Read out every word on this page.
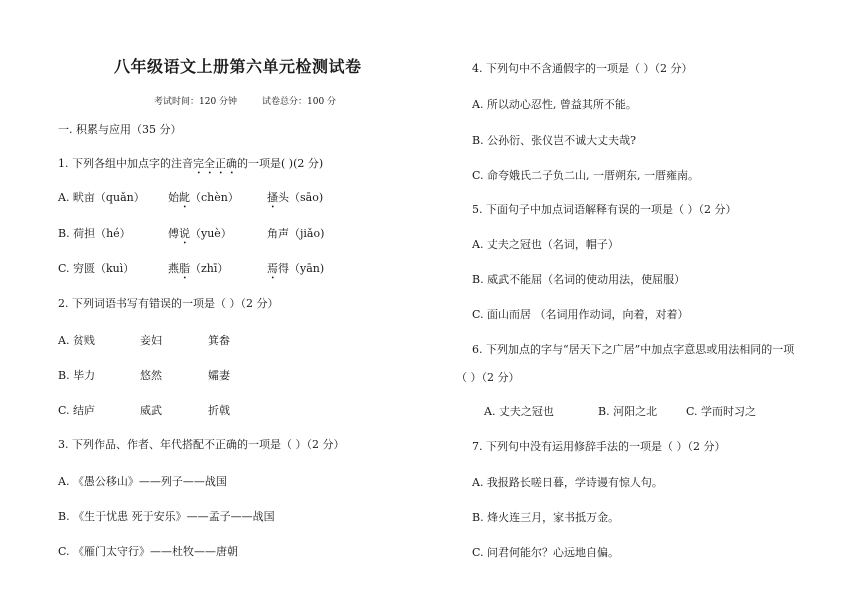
八年级语文上册第六单元检测试卷
考试时间：120 分钟	试卷总分：100 分
一. 积累与应用（35 分）
1. 下列各组中加点字的注音完全正确的一项是( )(2 分)
A. 畎亩（quǎn） 始龀（chèn）	搔头（sāo)
B. 荷担（hé）	傅说（yuè）	角声（jiǎo)
C. 穷匮（kuì）	燕脂（zhī）	焉得（yān)
2. 下列词语书写有错误的一项是（ ）（2 分）
A. 贫贱	妾妇	箕畚
B. 毕力	悠然	孀妻
C. 结庐	威武	折戟
3. 下列作品、作者、年代搭配不正确的一项是（ ）（2 分）
A. 《愚公移山》——列子——战国
B. 《生于忧患 死于安乐》——孟子——战国
C. 《雁门太守行》——杜牧——唐朝
4. 下列句中不含通假字的一项是（ ）（2 分）
A. 所以动心忍性, 曾益其所不能。
B. 公孙衍、张仪岂不诚大丈夫哉?
C. 命夸娥氏二子负二山, 一厝朔东, 一厝雍南。
5. 下面句子中加点词语解释有误的一项是（ ）（2 分）
A. 丈夫之冠也（名词，帽子）
B. 威武不能屈（名词的使动用法，使屈服）
C. 面山而居 （名词用作动词，向着，对着）
6. 下列加点的字与“居天下之广居”中加点字意思或用法相同的一项
（ ）（2 分）
A. 丈夫之冠也	B. 河阳之北	C. 学而时习之
7. 下列句中没有运用修辞手法的一项是（ ）（2 分）
A. 我报路长嗟日暮，学诗谩有惊人句。
B. 烽火连三月，家书抵万金。
C. 问君何能尔？心远地自偏。
